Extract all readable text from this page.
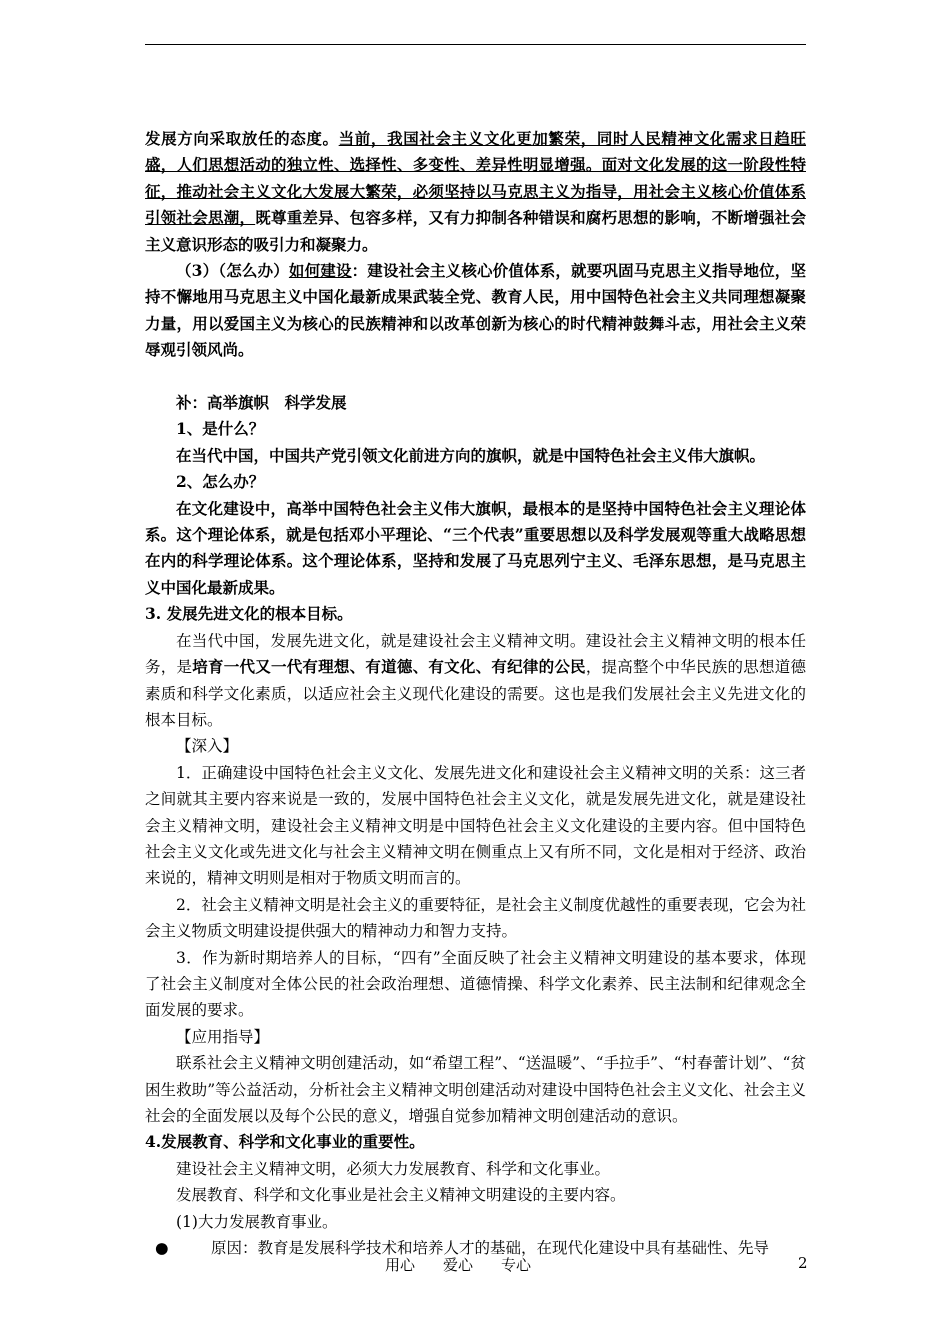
发展方向采取放任的态度。当前，我国社会主义文化更加繁荣，同时人民精神文化需求日趋旺盛，人们思想活动的独立性、选择性、多变性、差异性明显增强。面对文化发展的这一阶段性特征，推动社会主义文化大发展大繁荣，必须坚持以马克思主义为指导，用社会主义核心价值体系引领社会思潮，既尊重差异、包容多样，又有力抑制各种错误和腐朽思想的影响，不断增强社会主义意识形态的吸引力和凝聚力。

（3）（怎么办）如何建设：建设社会主义核心价值体系，就要巩固马克思主义指导地位，坚持不懈地用马克思主义中国化最新成果武装全党、教育人民，用中国特色社会主义共同理想凝聚力量，用以爱国主义为核心的民族精神和以改革创新为核心的时代精神鼓舞斗志，用社会主义荣辱观引领风尚。

补：高举旗帜　科学发展

1、是什么？

在当代中国，中国共产党引领文化前进方向的旗帜，就是中国特色社会主义伟大旗帜。

2、怎么办？

在文化建设中，高举中国特色社会主义伟大旗帜，最根本的是坚持中国特色社会主义理论体系。这个理论体系，就是包括邓小平理论、“三个代表”重要思想以及科学发展观等重大战略思想在内的科学理论体系。这个理论体系，坚持和发展了马克思列宁主义、毛泽东思想，是马克思主义中国化最新成果。

3. 发展先进文化的根本目标。

在当代中国，发展先进文化，就是建设社会主义精神文明。建设社会主义精神文明的根本任务，是培育一代又一代有理想、有道德、有文化、有纪律的公民，提高整个中华民族的思想道德素质和科学文化素质，以适应社会主义现代化建设的需要。这也是我们发展社会主义先进文化的根本目标。

【深入】

1．正确建设中国特色社会主义文化、发展先进文化和建设社会主义精神文明的关系：这三者之间就其主要内容来说是一致的，发展中国特色社会主义文化，就是发展先进文化，就是建设社会主义精神文明，建设社会主义精神文明是中国特色社会主义文化建设的主要内容。但中国特色社会主义文化或先进文化与社会主义精神文明在侧重点上又有所不同，文化是相对于经济、政治来说的，精神文明则是相对于物质文明而言的。

2．社会主义精神文明是社会主义的重要特征，是社会主义制度优越性的重要表现，它会为社会主义物质文明建设提供强大的精神动力和智力支持。

3．作为新时期培养人的目标，“四有”全面反映了社会主义精神文明建设的基本要求，体现了社会主义制度对全体公民的社会政治理想、道德情操、科学文化素养、民主法制和纪律观念全面发展的要求。

【应用指导】

联系社会主义精神文明创建活动，如“希望工程”、“送温暖”、“手拉手”、“村春蕾计划”、“贫困生救助”等公益活动，分析社会主义精神文明创建活动对建设中国特色社会主义文化、社会主义社会的全面发展以及每个公民的意义，增强自觉参加精神文明创建活动的意识。

4.发展教育、科学和文化事业的重要性。

建设社会主义精神文明，必须大力发展教育、科学和文化事业。

发展教育、科学和文化事业是社会主义精神文明建设的主要内容。

(1)大力发展教育事业。

●	原因：教育是发展科学技术和培养人才的基础，在现代化建设中具有基础性、先导

用心 爱心 专心	2
